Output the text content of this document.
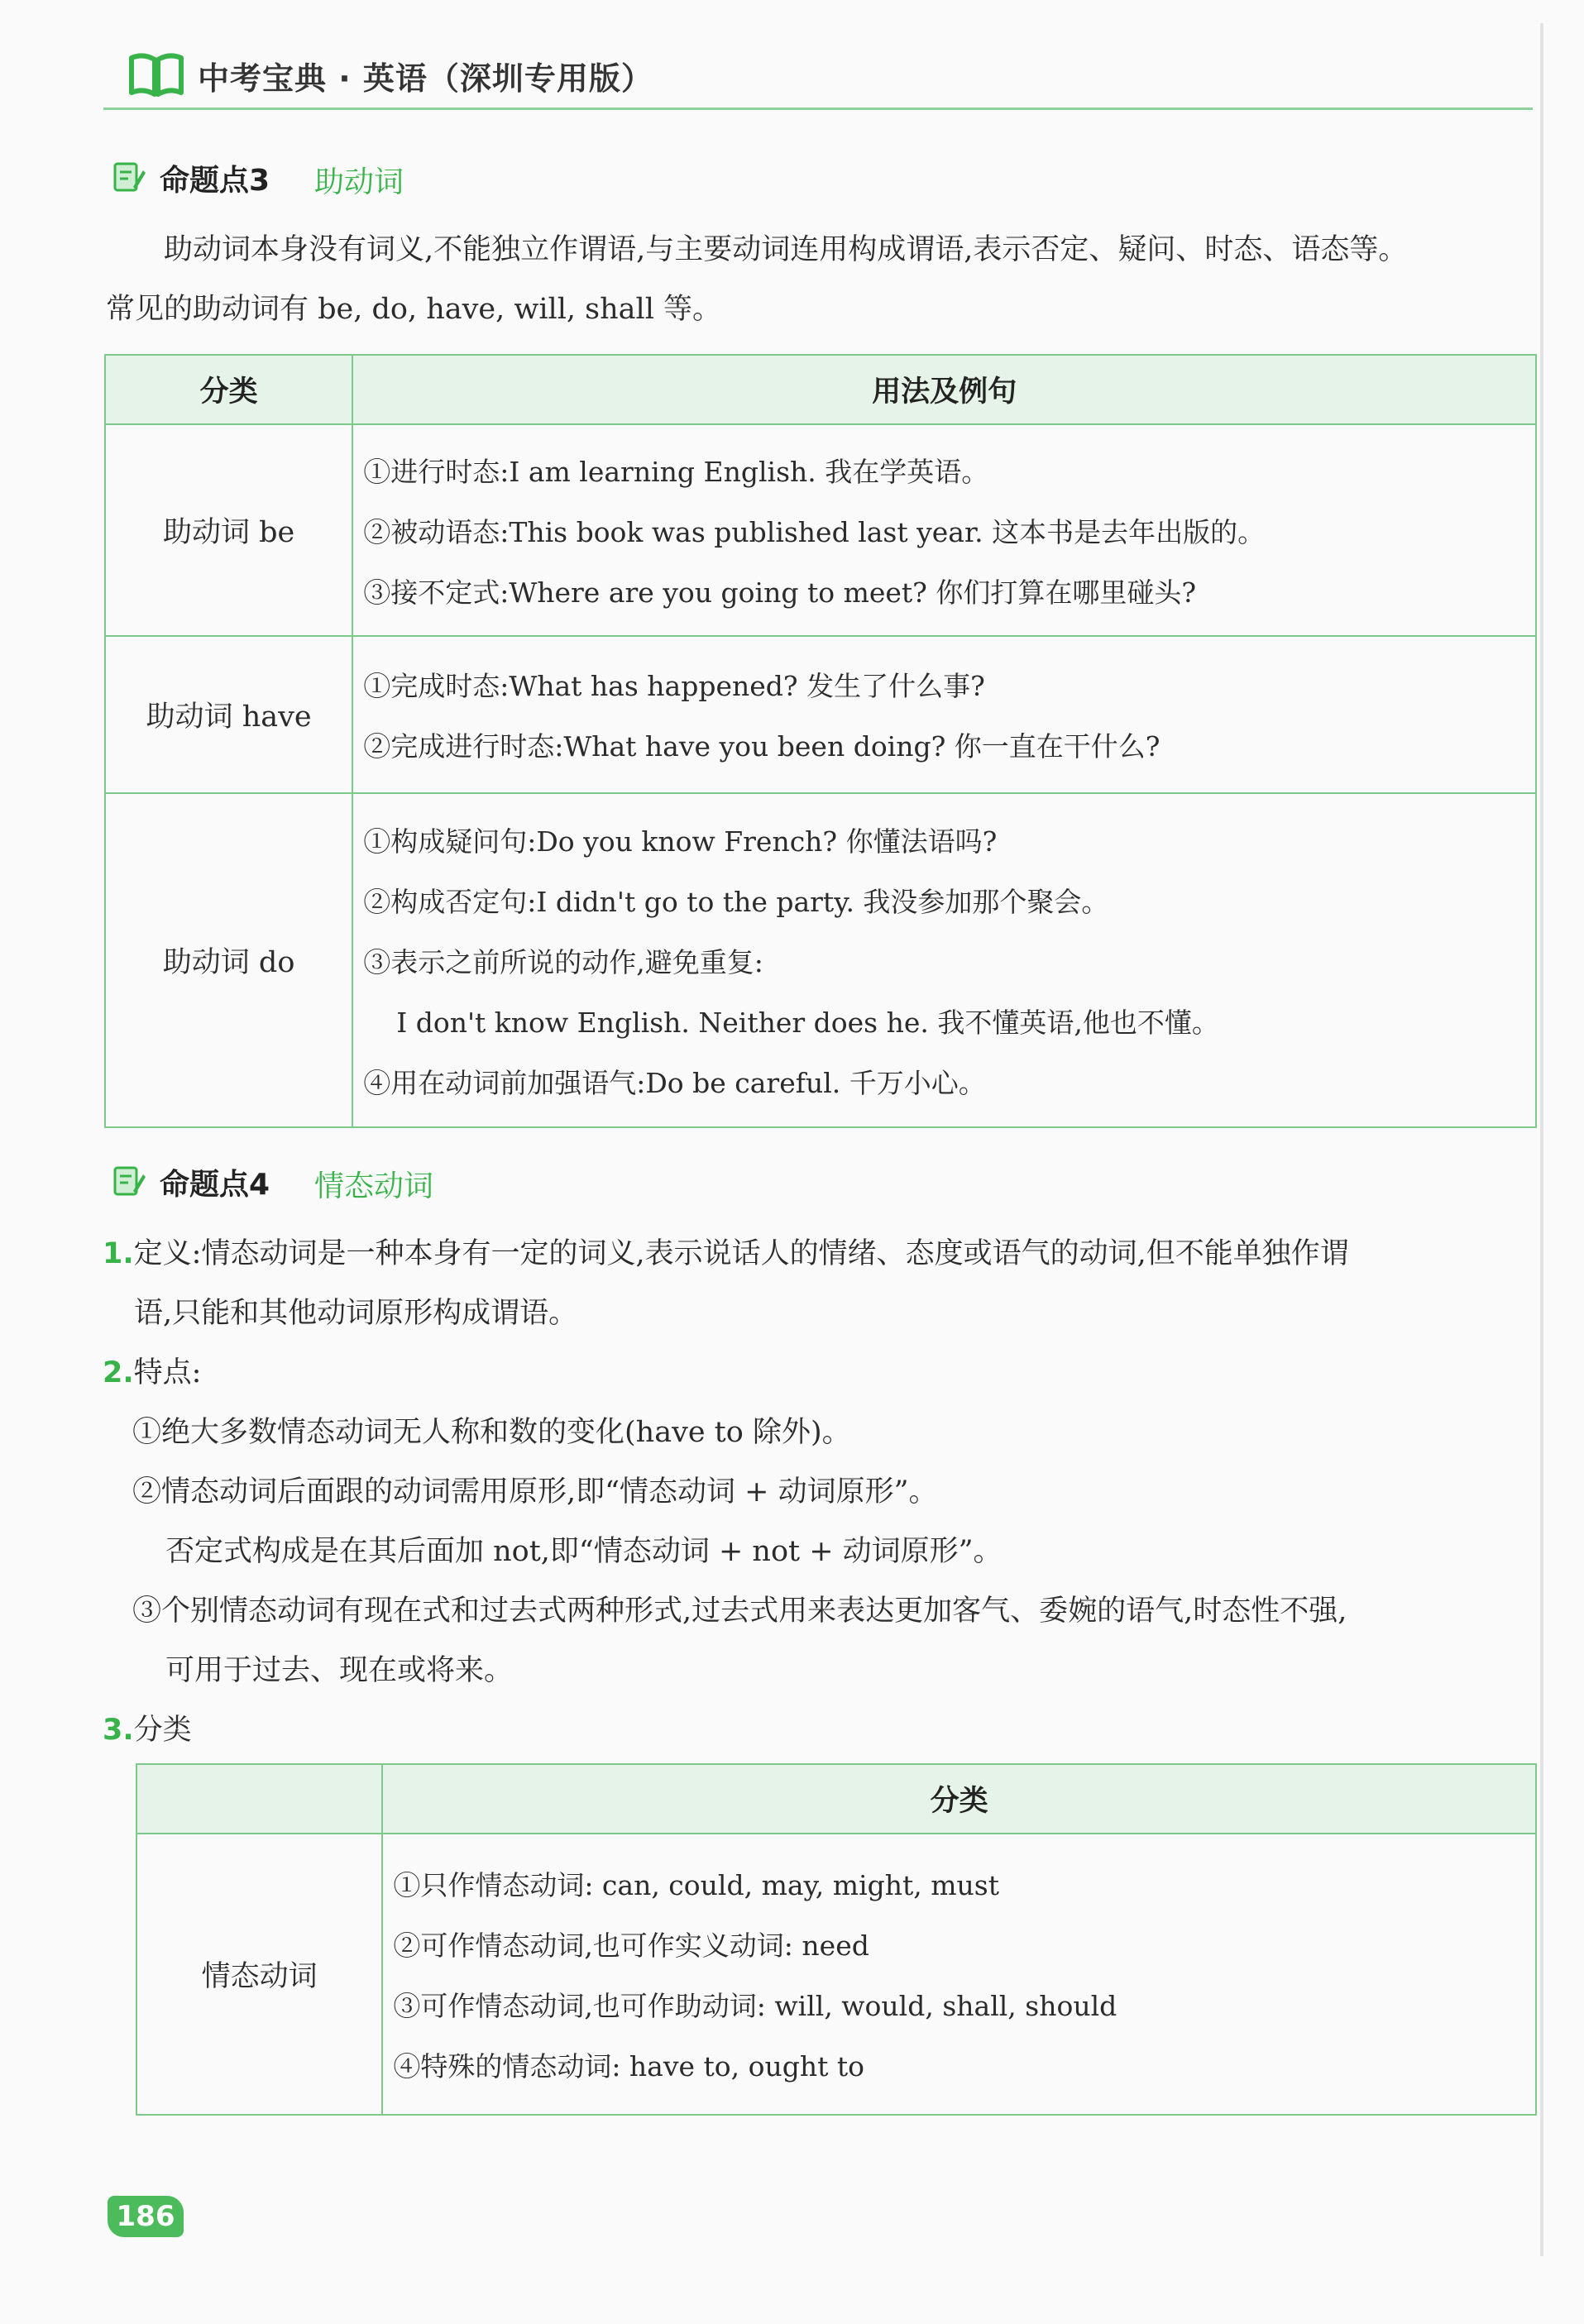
中考宝典 · 英语（深圳专用版）
命题点3 助动词
　　助动词本身没有词义,不能独立作谓语,与主要动词连用构成谓语,表示否定、疑问、时态、语态等。
常见的助动词有 be, do, have, will, shall 等。
分类	用法及例句
助动词 be	①进行时态:I am learning English. 我在学英语。
②被动语态:This book was published last year. 这本书是去年出版的。
③接不定式:Where are you going to meet? 你们打算在哪里碰头?

助动词 have	①完成时态:What has happened? 发生了什么事?
②完成进行时态:What have you been doing? 你一直在干什么?

助动词 do	①构成疑问句:Do you know French? 你懂法语吗?
②构成否定句:I didn't go to the party. 我没参加那个聚会。
③表示之前所说的动作,避免重复:
I don't know English. Neither does he. 我不懂英语,他也不懂。
④用在动词前加强语气:Do be careful. 千万小心。
命题点4 情态动词
1.定义:情态动词是一种本身有一定的词义,表示说话人的情绪、态度或语气的动词,但不能单独作谓
语,只能和其他动词原形构成谓语。
2.特点:
①绝大多数情态动词无人称和数的变化(have to 除外)。
②情态动词后面跟的动词需用原形,即“情态动词 + 动词原形”。
否定式构成是在其后面加 not,即“情态动词 + not + 动词原形”。
③个别情态动词有现在式和过去式两种形式,过去式用来表达更加客气、委婉的语气,时态性不强,
可用于过去、现在或将来。
3.分类
	分类
情态动词	①只作情态动词: can, could, may, might, must
②可作情态动词,也可作实义动词: need
③可作情态动词,也可作助动词: will, would, shall, should
④特殊的情态动词: have to, ought to
186
